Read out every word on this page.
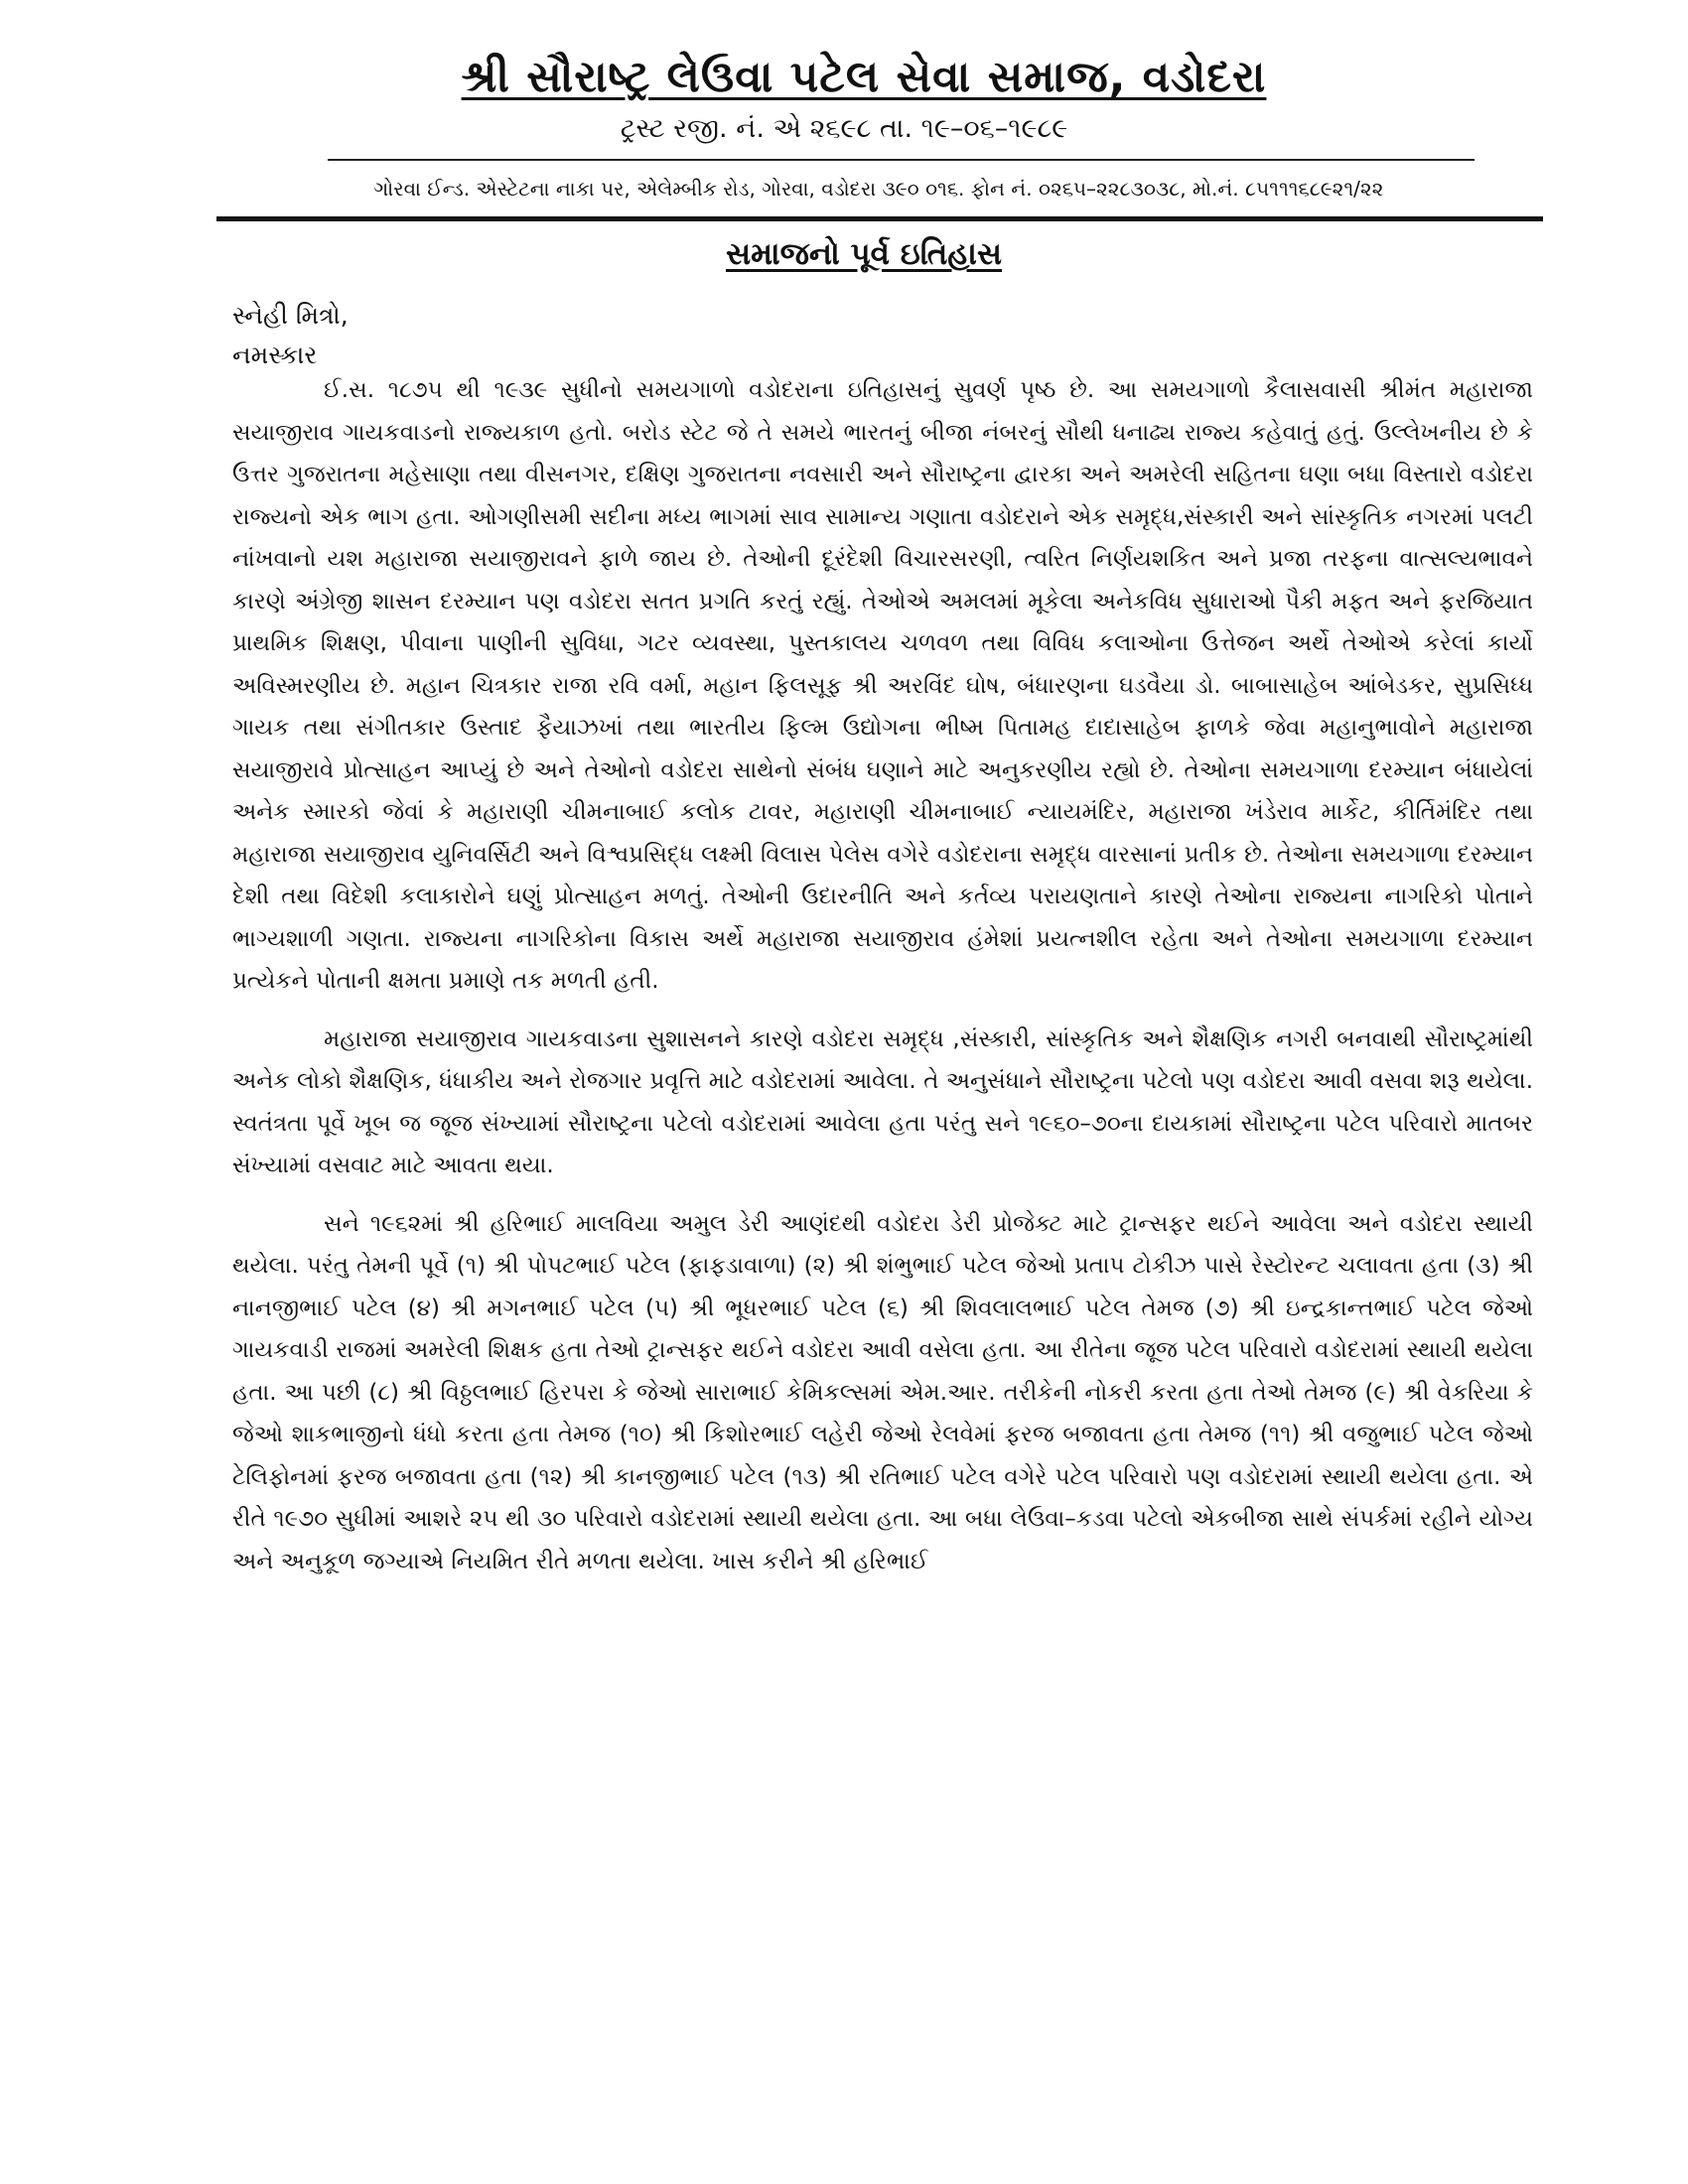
શ્રી સૌરાષ્ટ્ર લેઉવા પટેલ સેવા સમાજ, વડોદરા
ટ્રસ્ટ રજી. નં. એ ૨૬૯૮ તા. ૧૯–૦૬–૧૯૮૯
ગોરવા ઈન્ડ. એસ્ટેટના નાકા પર, એલેમ્બીક રોડ, ગોરવા, વડોદરા ૩૯૦ ૦૧૬. ફોન નં. ૦૨૬૫–૨૨૮૩૦૩૮, મો.નં. ૮૫૧૧૧૬૮૯૨૧/૨૨
સમાજનો પૂર્વ ઇતિહાસ
સ્નેહી મિત્રો,
નમસ્કાર

ઈ.સ. ૧૮૭૫ થી ૧૯૩૯ સુધીનો સમયગાળો વડોદરાના ઇતિહાસનું સુવર્ણ પૃષ્ઠ છે. આ સમયગાળો કૈલાસવાસી શ્રીમંત મહારાજા સયાજીરાવ ગાયકવાડનો રાજ્યકાળ હતો. બરોડ સ્ટેટ જે તે સમયે ભારતનું બીજા નંબરનું સૌથી ધનાઢ્ય રાજ્ય કહેવાતું હતું. ઉલ્લેખનીય છે કે ઉત્તર ગુજરાતના મહેસાણા તથા વીસનગર, દક્ષિણ ગુજરાતના નવસારી અને સૌરાષ્ટ્રના દ્વારકા અને અમરેલી સહિતના ઘણા બધા વિસ્તારો વડોદરા રાજ્યનો એક ભાગ હતા. ઓગણીસમી સદીના મધ્ય ભાગમાં સાવ સામાન્ય ગણાતા વડોદરાને એક સમૃદ્ધ,સંસ્કારી અને સાંસ્કૃતિક નગરમાં પલટી નાંખવાનો યશ મહારાજા સયાજીરાવને ફાળે જાય છે. તેઓની દૂરંદેશી વિચારસરણી, ત્વરિત નિર્ણયશકિત અને પ્રજા તરફના વાત્સલ્યભાવને કારણે અંગ્રેજી શાસન દરમ્યાન પણ વડોદરા સતત પ્રગતિ કરતું રહ્યું. તેઓએ અમલમાં મૂકેલા અનેકવિધ સુધારાઓ પૈકી મફત અને ફરજિયાત પ્રાથમિક શિક્ષણ, પીવાના પાણીની સુવિધા, ગટર વ્યવસ્થા, પુસ્તકાલય ચળવળ તથા વિવિધ કલાઓના ઉત્તેજન અર્થે તેઓએ કરેલાં કાર્યો અવિસ્મરણીય છે. મહાન ચિત્રકાર રાજા રવિ વર્મા, મહાન ફિલસૂફ શ્રી અરવિંદ ઘોષ, બંધારણના ઘડવૈયા ડો. બાબાસાહેબ આંબેડકર, સુપ્રસિધ્ધ ગાયક તથા સંગીતકાર ઉસ્તાદ ફૈયાઝખાં તથા ભારતીય ફિલ્મ ઉદ્યોગના ભીષ્મ પિતામહ દાદાસાહેબ ફાળકે જેવા મહાનુભાવોને મહારાજા સયાજીરાવે પ્રોત્સાહન આપ્યું છે અને તેઓનો વડોદરા સાથેનો સંબંધ ઘણાને માટે અનુકરણીય રહ્યો છે. તેઓના સમયગાળા દરમ્યાન બંધાયેલાં અનેક સ્મારકો જેવાં કે મહારાણી ચીમનાબાઈ કલોક ટાવર, મહારાણી ચીમનાબાઈ ન્યાયમંદિર, મહારાજા ખંડેરાવ માર્કેટ, કીર્તિમંદિર તથા મહારાજા સયાજીરાવ યુનિવર્સિટી અને વિશ્વપ્રસિદ્ધ લક્ષ્મી વિલાસ પેલેસ વગેરે વડોદરાના સમૃદ્ધ વારસાનાં પ્રતીક છે. તેઓના સમયગાળા દરમ્યાન દેશી તથા વિદેશી કલાકારોને ઘણું પ્રોત્સાહન મળતું. તેઓની ઉદારનીતિ અને કર્તવ્ય પરાયણતાને કારણે તેઓના રાજ્યના નાગરિકો પોતાને ભાગ્યશાળી ગણતા. રાજ્યના નાગરિકોના વિકાસ અર્થે મહારાજા સયાજીરાવ હંમેશાં પ્રયત્નશીલ રહેતા અને તેઓના સમયગાળા દરમ્યાન પ્રત્યેકને પોતાની ક્ષમતા પ્રમાણે તક મળતી હતી.

મહારાજા સયાજીરાવ ગાયકવાડના સુશાસનને કારણે વડોદરા સમૃદ્ધ ,સંસ્કારી, સાંસ્કૃતિક અને શૈક્ષણિક નગરી બનવાથી સૌરાષ્ટ્રમાંથી અનેક લોકો શૈક્ષણિક, ધંધાકીય અને રોજગાર પ્રવૃત્તિ માટે વડોદરામાં આવેલા. તે અનુસંધાને સૌરાષ્ટ્રના પટેલો પણ વડોદરા આવી વસવા શરૂ થયેલા. સ્વતંત્રતા પૂર્વે ખૂબ જ જૂજ સંખ્યામાં સૌરાષ્ટ્રના પટેલો વડોદરામાં આવેલા હતા પરંતુ સને ૧૯૬૦–૭૦ના દાયકામાં સૌરાષ્ટ્રના પટેલ પરિવારો માતબર સંખ્યામાં વસવાટ માટે આવતા થયા.

સને ૧૯૬૨માં શ્રી હરિભાઈ માલવિયા અમુલ ડેરી આણંદથી વડોદરા ડેરી પ્રોજેક્ટ માટે ટ્રાન્સફર થઈને આવેલા અને વડોદરા સ્થાયી થયેલા. પરંતુ તેમની પૂર્વે (૧) શ્રી પોપટભાઈ પટેલ (ફાફડાવાળા) (૨) શ્રી શંભુભાઈ પટેલ જેઓ પ્રતાપ ટોકીઝ પાસે રેસ્ટોરન્ટ ચલાવતા હતા (૩) શ્રી નાનજીભાઈ પટેલ (૪) શ્રી મગનભાઈ પટેલ (૫) શ્રી ભૂધરભાઈ પટેલ (૬) શ્રી શિવલાલભાઈ પટેલ તેમજ (૭) શ્રી ઇન્દ્રકાન્તભાઈ પટેલ જેઓ ગાયકવાડી રાજમાં અમરેલી શિક્ષક હતા તેઓ ટ્રાન્સફર થઈને વડોદરા આવી વસેલા હતા. આ રીતેના જૂજ પટેલ પરિવારો વડોદરામાં સ્થાયી થયેલા હતા. આ પછી (૮) શ્રી વિઠ્ઠલભાઈ હિરપરા કે જેઓ સારાભાઈ કેમિકલ્સમાં એમ.આર. તરીકેની નોકરી કરતા હતા તેઓ તેમજ (૯) શ્રી વેકરિયા કે જેઓ શાકભાજીનો ધંધો કરતા હતા તેમજ (૧૦) શ્રી કિશોરભાઈ લહેરી જેઓ રેલવેમાં ફરજ બજાવતા હતા તેમજ (૧૧) શ્રી વજુભાઈ પટેલ જેઓ ટેલિફોનમાં ફરજ બજાવતા હતા (૧૨) શ્રી કાનજીભાઈ પટેલ (૧૩) શ્રી રતિભાઈ પટેલ વગેરે પટેલ પરિવારો પણ વડોદરામાં સ્થાયી થયેલા હતા. એ રીતે ૧૯૭૦ સુધીમાં આશરે ૨૫ થી ૩૦ પરિવારો વડોદરામાં સ્થાયી થયેલા હતા. આ બધા લેઉવા–કડવા પટેલો એકબીજા સાથે સંપર્કમાં રહીને યોગ્ય અને અનુકૂળ જગ્યાએ નિયમિત રીતે મળતા થયેલા. ખાસ કરીને શ્રી હરિભાઈ
